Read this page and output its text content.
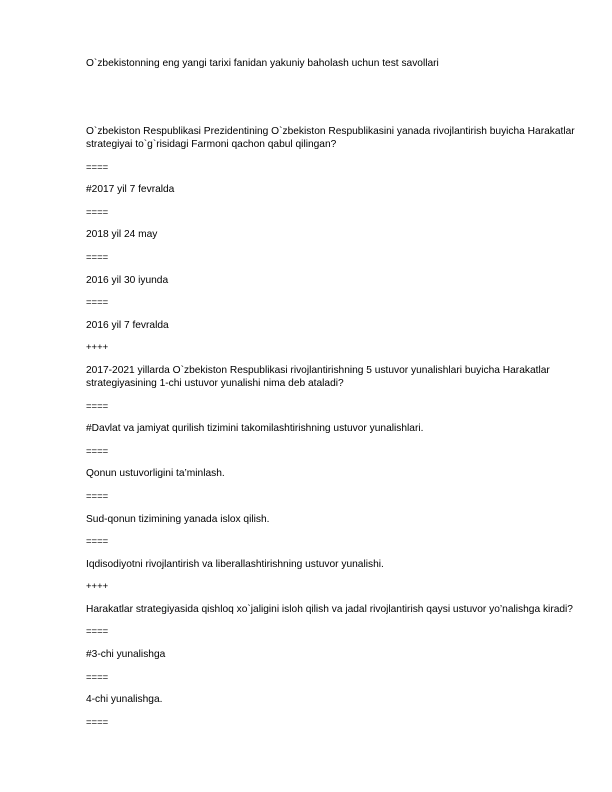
O`zbekistonning eng yangi tarixi fanidan yakuniy baholash uchun test savollari
O`zbekiston Respublikasi Prezidentining O`zbekiston Respublikasini yanada rivojlantirish buyicha Harakatlar strategiyai to`g`risidagi Farmoni qachon qabul qilingan?
====
#2017 yil 7 fevralda
====
2018 yil 24 may
====
2016 yil 30 iyunda
====
2016 yil 7 fevralda
++++
2017-2021 yillarda O`zbekiston Respublikasi rivojlantirishning 5 ustuvor yunalishlari buyicha Harakatlar strategiyasining 1-chi ustuvor yunalishi nima deb ataladi?
====
#Davlat va jamiyat qurilish tizimini takomilashtirishning ustuvor yunalishlari.
====
Qonun ustuvorligini ta’minlash.
====
Sud-qonun tizimining yanada islox qilish.
====
Iqdisodiyotni rivojlantirish va liberallashtirishning ustuvor yunalishi.
++++
Harakatlar strategiyasida qishloq xo`jaligini isloh qilish va jadal rivojlantirish qaysi ustuvor yo’nalishga kiradi?
====
#3-chi yunalishga
====
4-chi yunalishga.
====
